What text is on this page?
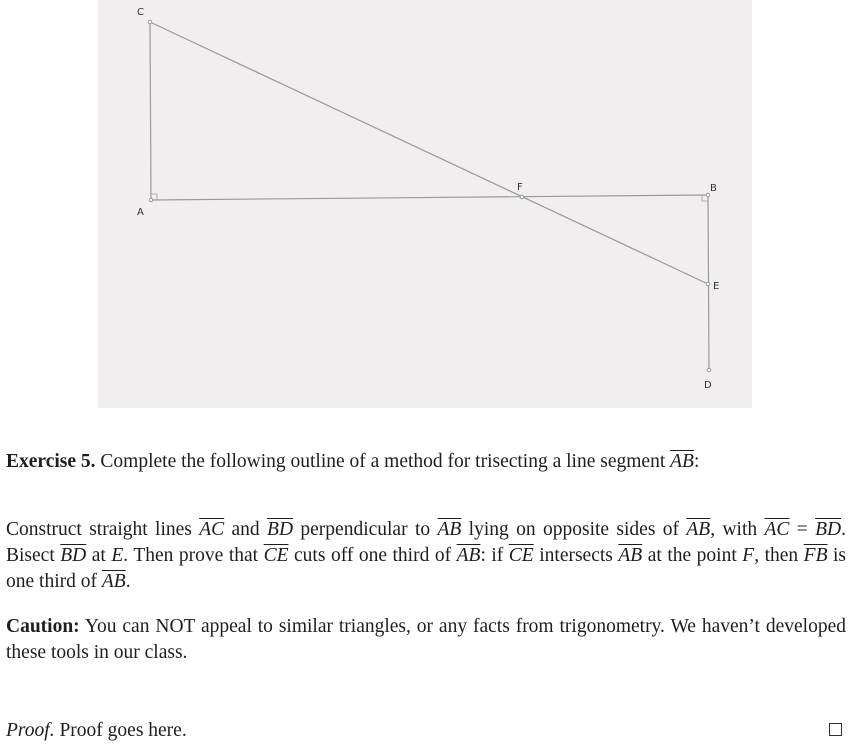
C
A
F	B
E
D
Exercise 5. Complete the following outline of a method for trisecting a line segment $\overline{AB}$:
Construct straight lines $\overline{AC}$ and $\overline{BD}$ perpendicular to $\overline{AB}$ lying on opposite sides of $\overline{AB}$, with $\overline{AC} = \overline{BD}$. Bisect $\overline{BD}$ at E. Then prove that $\overline{CE}$ cuts off one third of $\overline{AB}$: if $\overline{CE}$ intersects $\overline{AB}$ at the point F, then $\overline{FB}$ is one third of $\overline{AB}$.
Caution: You can NOT appeal to similar triangles, or any facts from trigonometry. We haven’t developed these tools in our class.
Proof. Proof goes here.
